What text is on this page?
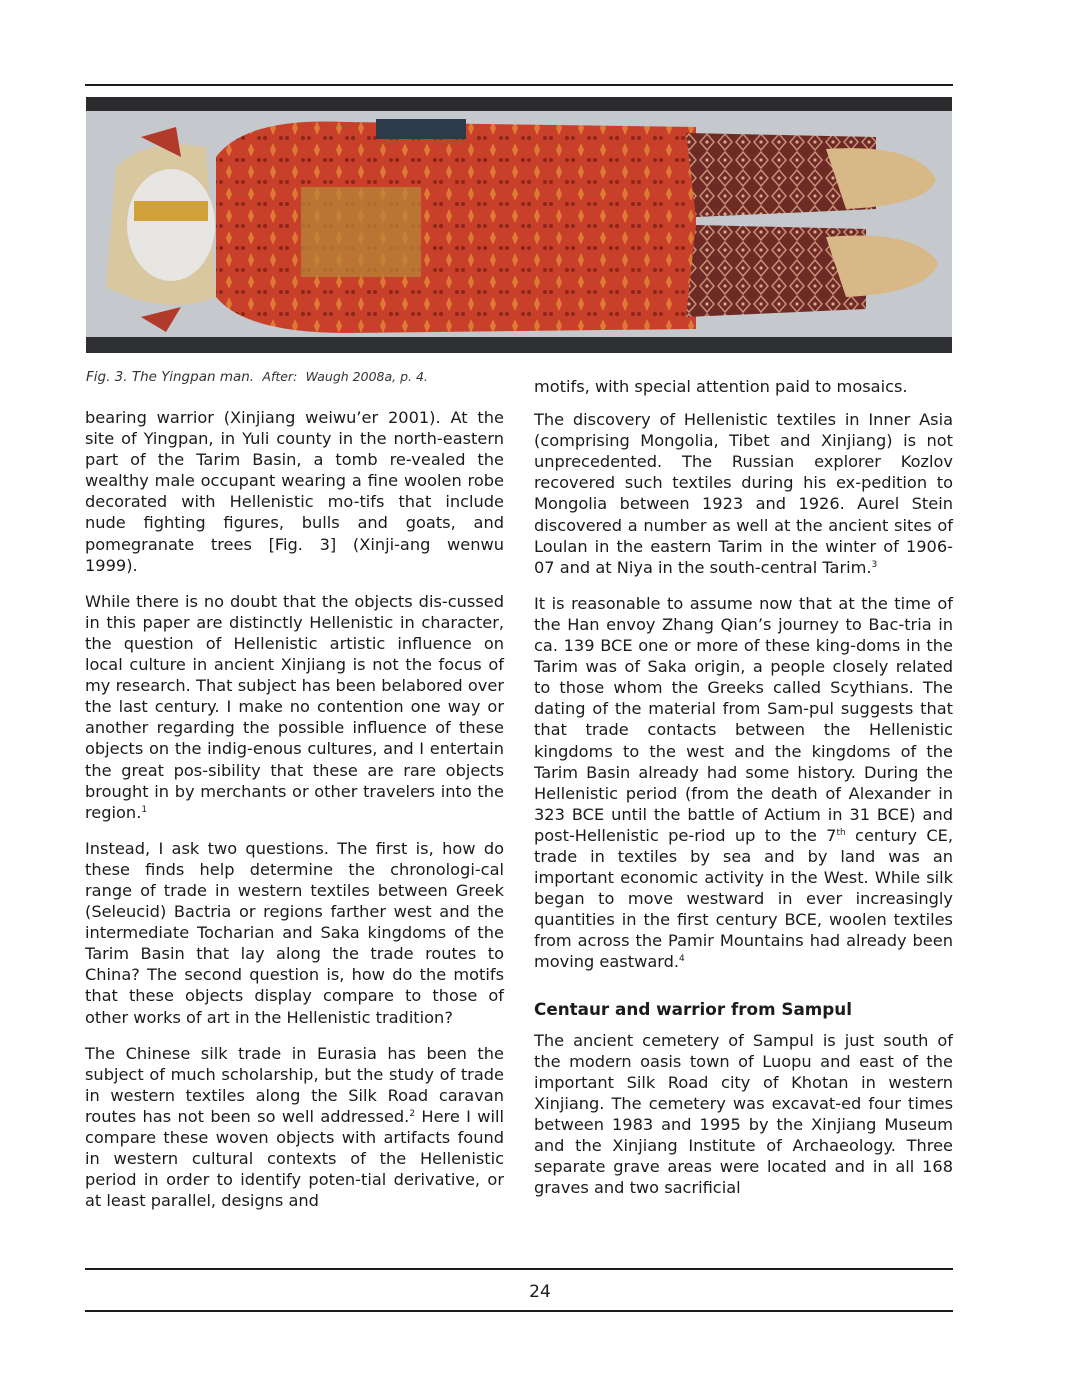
Fig. 3. The Yingpan man. After: Waugh 2008a, p. 4.

bearing warrior (Xinjiang weiwu’er 2001). At the site of Yingpan, in Yuli county in the north-eastern part of the Tarim Basin, a tomb re-vealed the wealthy male occupant wearing a fine woolen robe decorated with Hellenistic mo-tifs that include nude fighting figures, bulls and goats, and pomegranate trees [Fig. 3] (Xinji-ang wenwu 1999).

While there is no doubt that the objects dis-cussed in this paper are distinctly Hellenistic in character, the question of Hellenistic artistic influence on local culture in ancient Xinjiang is not the focus of my research. That subject has been belabored over the last century. I make no contention one way or another regarding the possible influence of these objects on the indig-enous cultures, and I entertain the great pos-sibility that these are rare objects brought in by merchants or other travelers into the region.$^1$

Instead, I ask two questions. The first is, how do these finds help determine the chronologi-cal range of trade in western textiles between Greek (Seleucid) Bactria or regions farther west and the intermediate Tocharian and Saka kingdoms of the Tarim Basin that lay along the trade routes to China? The second question is, how do the motifs that these objects display compare to those of other works of art in the Hellenistic tradition?

The Chinese silk trade in Eurasia has been the subject of much scholarship, but the study of trade in western textiles along the Silk Road caravan routes has not been so well addressed.$^2$ Here I will compare these woven objects with artifacts found in western cultural contexts of the Hellenistic period in order to identify poten-tial derivative, or at least parallel, designs and

motifs, with special attention paid to mosaics.

The discovery of Hellenistic textiles in Inner Asia (comprising Mongolia, Tibet and Xinjiang) is not unprecedented. The Russian explorer Kozlov recovered such textiles during his ex-pedition to Mongolia between 1923 and 1926. Aurel Stein discovered a number as well at the ancient sites of Loulan in the eastern Tarim in the winter of 1906-07 and at Niya in the south-central Tarim.$^3$

It is reasonable to assume now that at the time of the Han envoy Zhang Qian’s journey to Bac-tria in ca. 139 BCE one or more of these king-doms in the Tarim was of Saka origin, a people closely related to those whom the Greeks called Scythians. The dating of the material from Sam-pul suggests that that trade contacts between the Hellenistic kingdoms to the west and the kingdoms of the Tarim Basin already had some history. During the Hellenistic period (from the death of Alexander in 323 BCE until the battle of Actium in 31 BCE) and post-Hellenistic pe-riod up to the 7th century CE, trade in textiles by sea and by land was an important economic activity in the West. While silk began to move westward in ever increasingly quantities in the first century BCE, woolen textiles from across the Pamir Mountains had already been moving eastward.$^4$

Centaur and warrior from Sampul

The ancient cemetery of Sampul is just south of the modern oasis town of Luopu and east of the important Silk Road city of Khotan in western Xinjiang. The cemetery was excavat-ed four times between 1983 and 1995 by the Xinjiang Museum and the Xinjiang Institute of Archaeology. Three separate grave areas were located and in all 168 graves and two sacrificial

24
